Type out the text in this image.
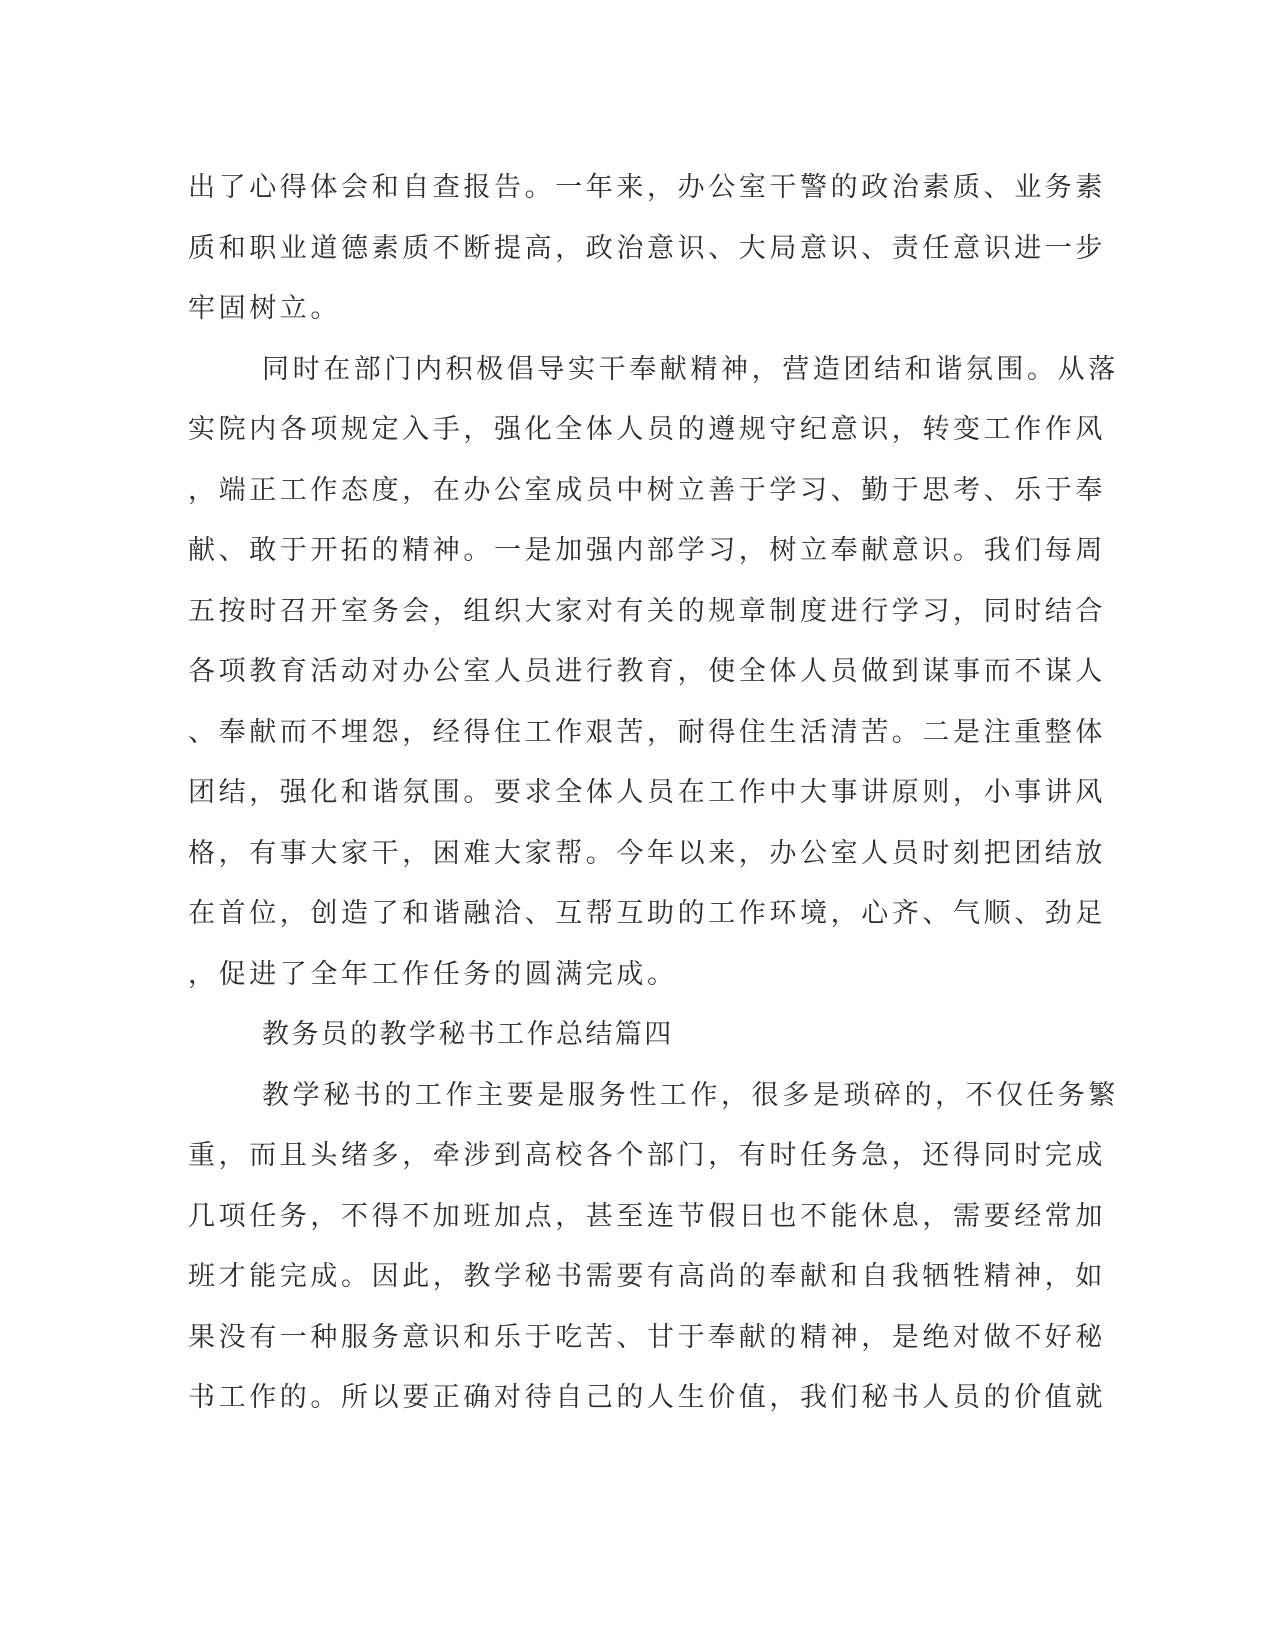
出了心得体会和自查报告。一年来，办公室干警的政治素质、业务素
质和职业道德素质不断提高，政治意识、大局意识、责任意识进一步
牢固树立。
同时在部门内积极倡导实干奉献精神，营造团结和谐氛围。从落
实院内各项规定入手，强化全体人员的遵规守纪意识，转变工作作风
，端正工作态度，在办公室成员中树立善于学习、勤于思考、乐于奉
献、敢于开拓的精神。一是加强内部学习，树立奉献意识。我们每周
五按时召开室务会，组织大家对有关的规章制度进行学习，同时结合
各项教育活动对办公室人员进行教育，使全体人员做到谋事而不谋人
、奉献而不埋怨，经得住工作艰苦，耐得住生活清苦。二是注重整体
团结，强化和谐氛围。要求全体人员在工作中大事讲原则，小事讲风
格，有事大家干，困难大家帮。今年以来，办公室人员时刻把团结放
在首位，创造了和谐融洽、互帮互助的工作环境，心齐、气顺、劲足
，促进了全年工作任务的圆满完成。
教务员的教学秘书工作总结篇四
教学秘书的工作主要是服务性工作，很多是琐碎的，不仅任务繁
重，而且头绪多，牵涉到高校各个部门，有时任务急，还得同时完成
几项任务，不得不加班加点，甚至连节假日也不能休息，需要经常加
班才能完成。因此，教学秘书需要有高尚的奉献和自我牺牲精神，如
果没有一种服务意识和乐于吃苦、甘于奉献的精神，是绝对做不好秘
书工作的。所以要正确对待自己的人生价值，我们秘书人员的价值就
